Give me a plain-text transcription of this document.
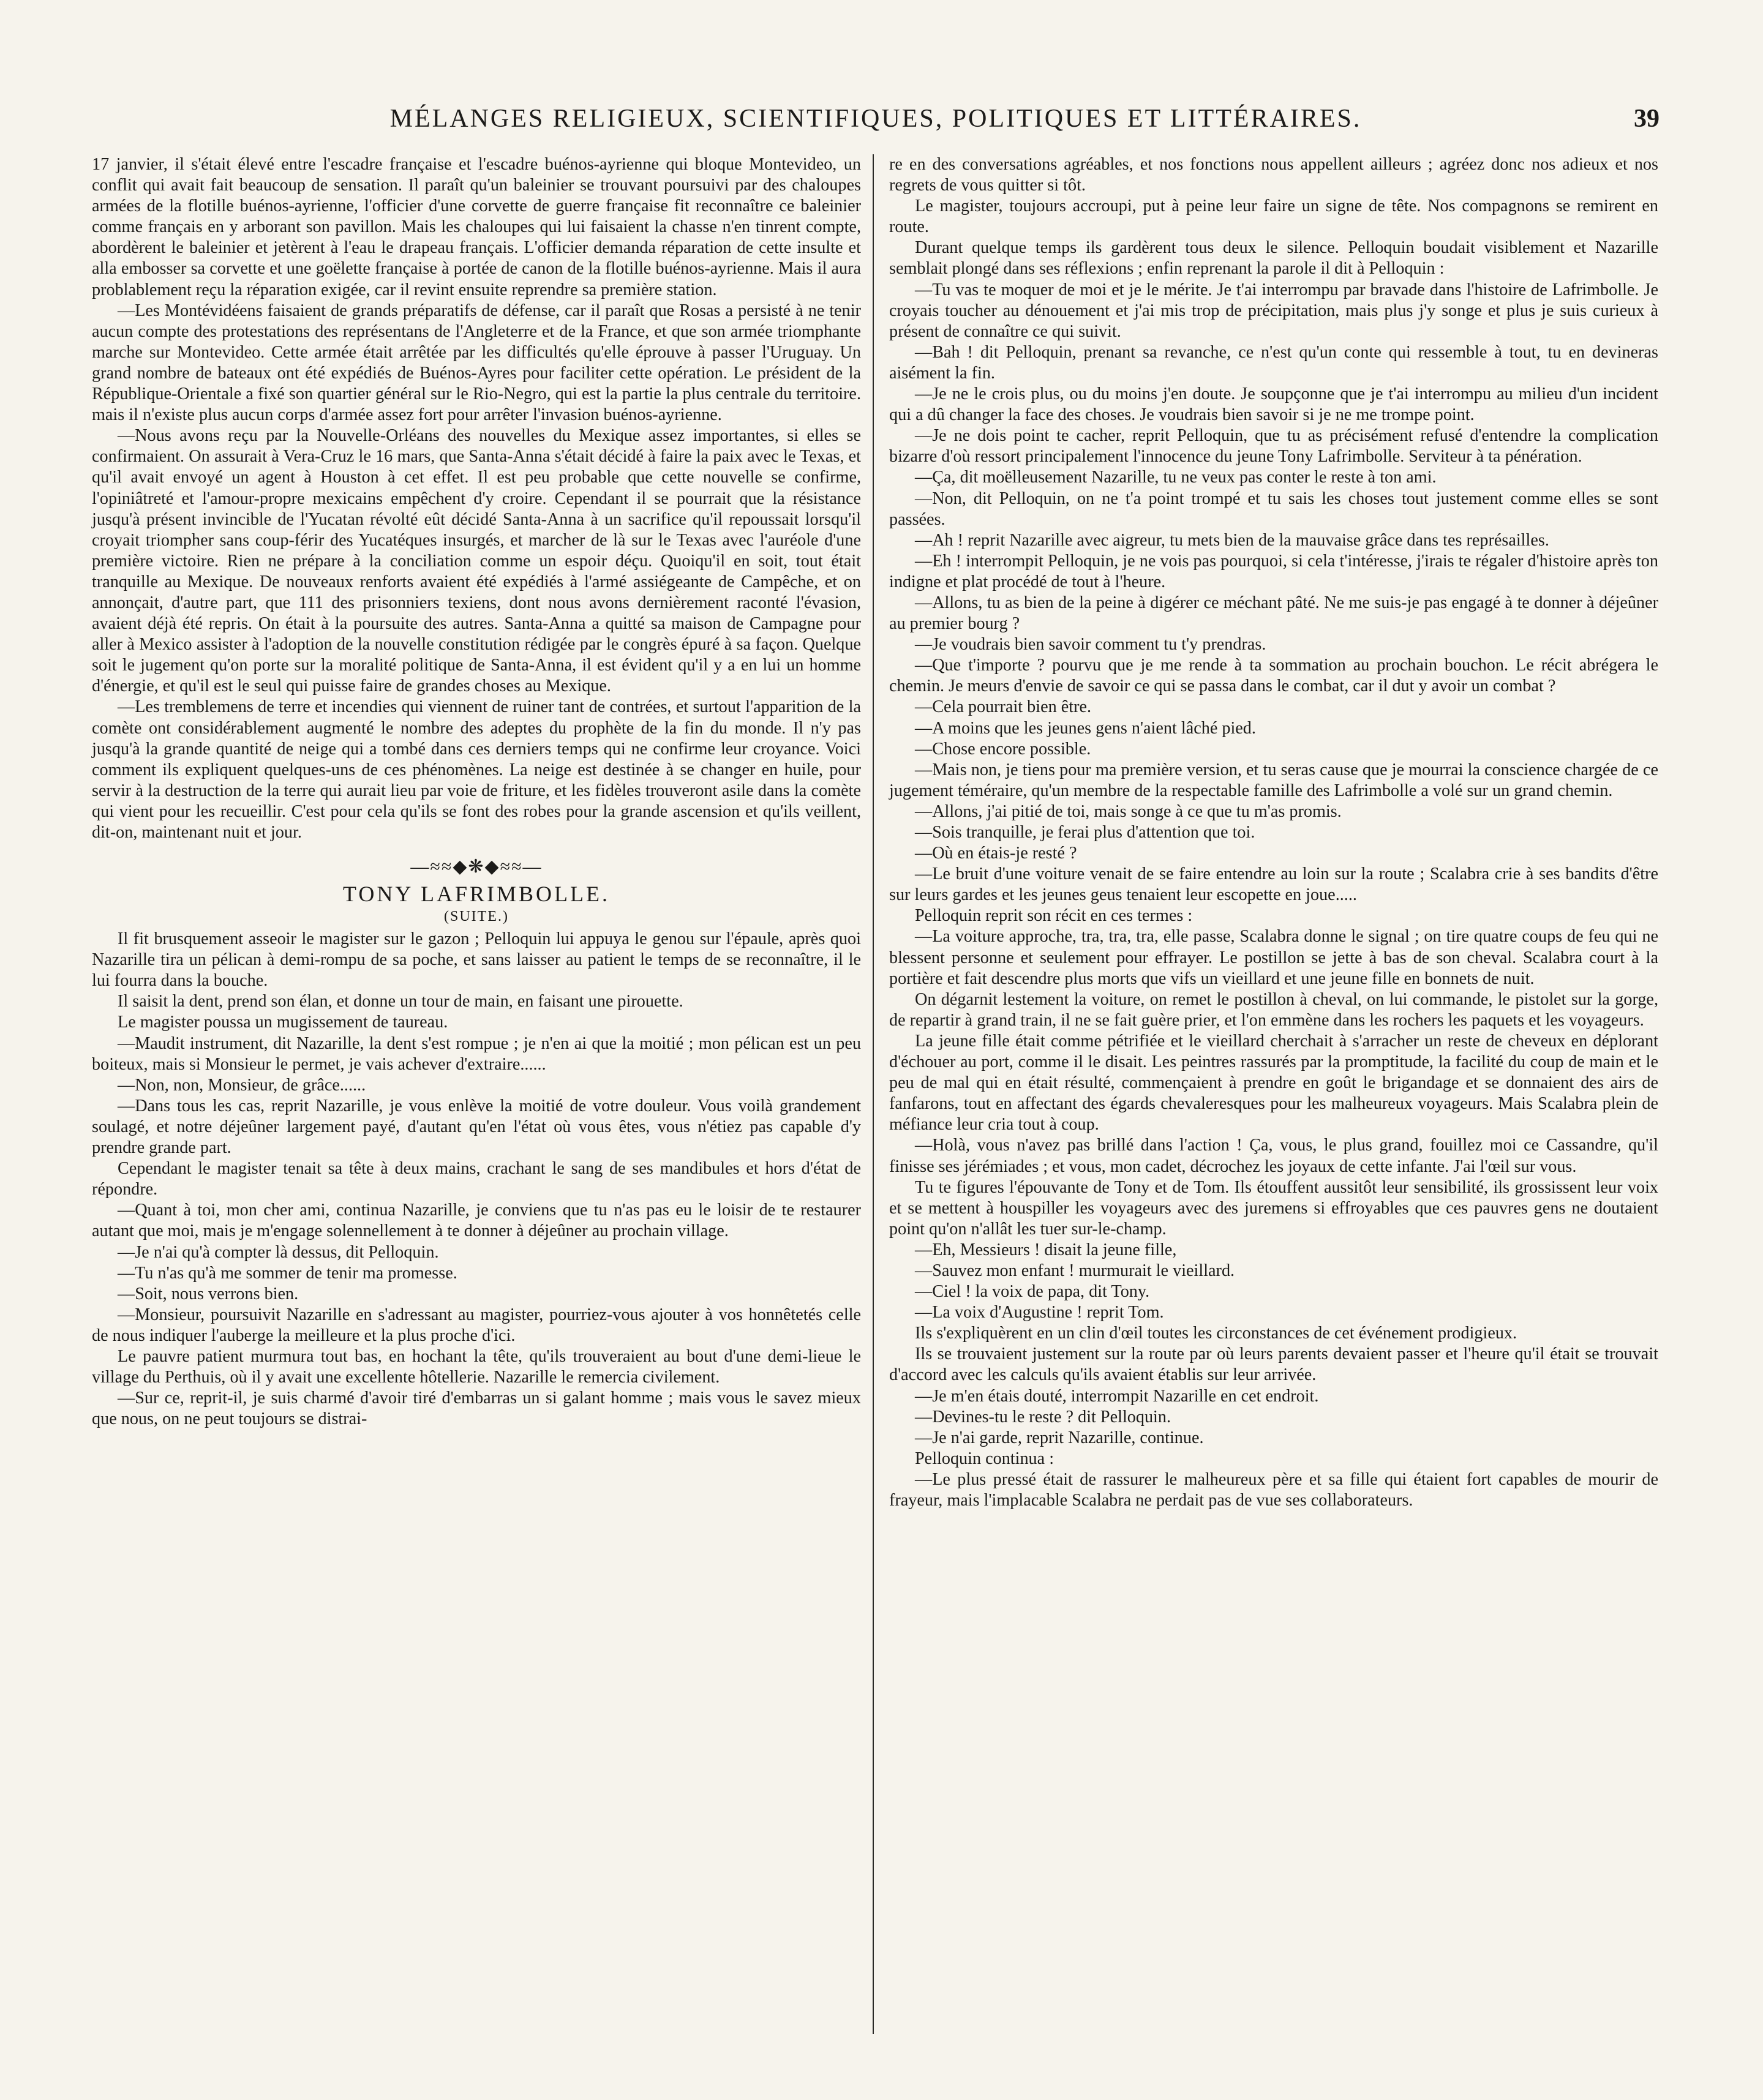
MÉLANGES RELIGIEUX, SCIENTIFIQUES, POLITIQUES ET LITTÉRAIRES.	39

17 janvier, il s'était élevé entre l'escadre française et l'escadre buénos-ayrienne qui bloque Montevideo, un conflit qui avait fait beaucoup de sensation. Il paraît qu'un baleinier se trouvant poursuivi par des chaloupes armées de la flotille buénos-ayrienne, l'officier d'une corvette de guerre française fit reconnaître ce baleinier comme français en y arborant son pavillon. Mais les chaloupes qui lui faisaient la chasse n'en tinrent compte, abordèrent le baleinier et jetèrent à l'eau le drapeau français. L'officier demanda réparation de cette insulte et alla embosser sa corvette et une goëlette française à portée de canon de la flotille buénos-ayrienne. Mais il aura problablement reçu la réparation exigée, car il revint ensuite reprendre sa première station.

—Les Montévidéens faisaient de grands préparatifs de défense, car il paraît que Rosas a persisté à ne tenir aucun compte des protestations des représentans de l'Angleterre et de la France, et que son armée triomphante marche sur Montevideo. Cette armée était arrêtée par les difficultés qu'elle éprouve à passer l'Uruguay. Un grand nombre de bateaux ont été expédiés de Buénos-Ayres pour faciliter cette opération. Le président de la République-Orientale a fixé son quartier général sur le Rio-Negro, qui est la partie la plus centrale du territoire. mais il n'existe plus aucun corps d'armée assez fort pour arrêter l'invasion buénos-ayrienne.

—Nous avons reçu par la Nouvelle-Orléans des nouvelles du Mexique assez importantes, si elles se confirmaient. On assurait à Vera-Cruz le 16 mars, que Santa-Anna s'était décidé à faire la paix avec le Texas, et qu'il avait envoyé un agent à Houston à cet effet. Il est peu probable que cette nouvelle se confirme, l'opiniâtreté et l'amour-propre mexicains empêchent d'y croire. Cependant il se pourrait que la résistance jusqu'à présent invincible de l'Yucatan révolté eût décidé Santa-Anna à un sacrifice qu'il repoussait lorsqu'il croyait triompher sans coup-férir des Yucatéques insurgés, et marcher de là sur le Texas avec l'auréole d'une première victoire. Rien ne prépare à la conciliation comme un espoir déçu. Quoiqu'il en soit, tout était tranquille au Mexique. De nouveaux renforts avaient été expédiés à l'armé assiégeante de Campêche, et on annonçait, d'autre part, que 111 des prisonniers texiens, dont nous avons dernièrement raconté l'évasion, avaient déjà été repris. On était à la poursuite des autres. Santa-Anna a quitté sa maison de Campagne pour aller à Mexico assister à l'adoption de la nouvelle constitution rédigée par le congrès épuré à sa façon. Quelque soit le jugement qu'on porte sur la moralité politique de Santa-Anna, il est évident qu'il y a en lui un homme d'énergie, et qu'il est le seul qui puisse faire de grandes choses au Mexique.

—Les tremblemens de terre et incendies qui viennent de ruiner tant de contrées, et surtout l'apparition de la comète ont considérablement augmenté le nombre des adeptes du prophète de la fin du monde. Il n'y pas jusqu'à la grande quantité de neige qui a tombé dans ces derniers temps qui ne confirme leur croyance. Voici comment ils expliquent quelques-uns de ces phénomènes. La neige est destinée à se changer en huile, pour servir à la destruction de la terre qui aurait lieu par voie de friture, et les fidèles trouveront asile dans la comète qui vient pour les recueillir. C'est pour cela qu'ils se font des robes pour la grande ascension et qu'ils veillent, dit-on, maintenant nuit et jour.

—≈≈◆❋◆≈≈—
TONY LAFRIMBOLLE.
(SUITE.)

Il fit brusquement asseoir le magister sur le gazon ; Pelloquin lui appuya le genou sur l'épaule, après quoi Nazarille tira un pélican à demi-rompu de sa poche, et sans laisser au patient le temps de se reconnaître, il le lui fourra dans la bouche.

Il saisit la dent, prend son élan, et donne un tour de main, en faisant une pirouette.

Le magister poussa un mugissement de taureau.

—Maudit instrument, dit Nazarille, la dent s'est rompue ; je n'en ai que la moitié ; mon pélican est un peu boiteux, mais si Monsieur le permet, je vais achever d'extraire......

—Non, non, Monsieur, de grâce......

—Dans tous les cas, reprit Nazarille, je vous enlève la moitié de votre douleur. Vous voilà grandement soulagé, et notre déjeûner largement payé, d'autant qu'en l'état où vous êtes, vous n'étiez pas capable d'y prendre grande part.

Cependant le magister tenait sa tête à deux mains, crachant le sang de ses mandibules et hors d'état de répondre.

—Quant à toi, mon cher ami, continua Nazarille, je conviens que tu n'as pas eu le loisir de te restaurer autant que moi, mais je m'engage solennellement à te donner à déjeûner au prochain village.

—Je n'ai qu'à compter là dessus, dit Pelloquin.

—Tu n'as qu'à me sommer de tenir ma promesse.

—Soit, nous verrons bien.

—Monsieur, poursuivit Nazarille en s'adressant au magister, pourriez-vous ajouter à vos honnêtetés celle de nous indiquer l'auberge la meilleure et la plus proche d'ici.

Le pauvre patient murmura tout bas, en hochant la tête, qu'ils trouveraient au bout d'une demi-lieue le village du Perthuis, où il y avait une excellente hôtellerie. Nazarille le remercia civilement.

—Sur ce, reprit-il, je suis charmé d'avoir tiré d'embarras un si galant homme ; mais vous le savez mieux que nous, on ne peut toujours se distrai-

re en des conversations agréables, et nos fonctions nous appellent ailleurs ; agréez donc nos adieux et nos regrets de vous quitter si tôt.

Le magister, toujours accroupi, put à peine leur faire un signe de tête. Nos compagnons se remirent en route.

Durant quelque temps ils gardèrent tous deux le silence. Pelloquin boudait visiblement et Nazarille semblait plongé dans ses réflexions ; enfin reprenant la parole il dit à Pelloquin :

—Tu vas te moquer de moi et je le mérite. Je t'ai interrompu par bravade dans l'histoire de Lafrimbolle. Je croyais toucher au dénouement et j'ai mis trop de précipitation, mais plus j'y songe et plus je suis curieux à présent de connaître ce qui suivit.

—Bah ! dit Pelloquin, prenant sa revanche, ce n'est qu'un conte qui ressemble à tout, tu en devineras aisément la fin.

—Je ne le crois plus, ou du moins j'en doute. Je soupçonne que je t'ai interrompu au milieu d'un incident qui a dû changer la face des choses. Je voudrais bien savoir si je ne me trompe point.

—Je ne dois point te cacher, reprit Pelloquin, que tu as précisément refusé d'entendre la complication bizarre d'où ressort principalement l'innocence du jeune Tony Lafrimbolle. Serviteur à ta pénération.

—Ça, dit moëlleusement Nazarille, tu ne veux pas conter le reste à ton ami.

—Non, dit Pelloquin, on ne t'a point trompé et tu sais les choses tout justement comme elles se sont passées.

—Ah ! reprit Nazarille avec aigreur, tu mets bien de la mauvaise grâce dans tes représailles.

—Eh ! interrompit Pelloquin, je ne vois pas pourquoi, si cela t'intéresse, j'irais te régaler d'histoire après ton indigne et plat procédé de tout à l'heure.

—Allons, tu as bien de la peine à digérer ce méchant pâté. Ne me suis-je pas engagé à te donner à déjeûner au premier bourg ?

—Je voudrais bien savoir comment tu t'y prendras.

—Que t'importe ? pourvu que je me rende à ta sommation au prochain bouchon. Le récit abrégera le chemin. Je meurs d'envie de savoir ce qui se passa dans le combat, car il dut y avoir un combat ?

—Cela pourrait bien être.

—A moins que les jeunes gens n'aient lâché pied.

—Chose encore possible.

—Mais non, je tiens pour ma première version, et tu seras cause que je mourrai la conscience chargée de ce jugement téméraire, qu'un membre de la respectable famille des Lafrimbolle a volé sur un grand chemin.

—Allons, j'ai pitié de toi, mais songe à ce que tu m'as promis.

—Sois tranquille, je ferai plus d'attention que toi.

—Où en étais-je resté ?

—Le bruit d'une voiture venait de se faire entendre au loin sur la route ; Scalabra crie à ses bandits d'être sur leurs gardes et les jeunes geus tenaient leur escopette en joue.....

Pelloquin reprit son récit en ces termes :

—La voiture approche, tra, tra, tra, elle passe, Scalabra donne le signal ; on tire quatre coups de feu qui ne blessent personne et seulement pour effrayer. Le postillon se jette à bas de son cheval. Scalabra court à la portière et fait descendre plus morts que vifs un vieillard et une jeune fille en bonnets de nuit.

On dégarnit lestement la voiture, on remet le postillon à cheval, on lui commande, le pistolet sur la gorge, de repartir à grand train, il ne se fait guère prier, et l'on emmène dans les rochers les paquets et les voyageurs.

La jeune fille était comme pétrifiée et le vieillard cherchait à s'arracher un reste de cheveux en déplorant d'échouer au port, comme il le disait. Les peintres rassurés par la promptitude, la facilité du coup de main et le peu de mal qui en était résulté, commençaient à prendre en goût le brigandage et se donnaient des airs de fanfarons, tout en affectant des égards chevaleresques pour les malheureux voyageurs. Mais Scalabra plein de méfiance leur cria tout à coup.

—Holà, vous n'avez pas brillé dans l'action ! Ça, vous, le plus grand, fouillez moi ce Cassandre, qu'il finisse ses jérémiades ; et vous, mon cadet, décrochez les joyaux de cette infante. J'ai l'œil sur vous.

Tu te figures l'épouvante de Tony et de Tom. Ils étouffent aussitôt leur sensibilité, ils grossissent leur voix et se mettent à houspiller les voyageurs avec des juremens si effroyables que ces pauvres gens ne doutaient point qu'on n'allât les tuer sur-le-champ.

—Eh, Messieurs ! disait la jeune fille,

—Sauvez mon enfant ! murmurait le vieillard.

—Ciel ! la voix de papa, dit Tony.

—La voix d'Augustine ! reprit Tom.

Ils s'expliquèrent en un clin d'œil toutes les circonstances de cet événement prodigieux.

Ils se trouvaient justement sur la route par où leurs parents devaient passer et l'heure qu'il était se trouvait d'accord avec les calculs qu'ils avaient établis sur leur arrivée.

—Je m'en étais douté, interrompit Nazarille en cet endroit.

—Devines-tu le reste ? dit Pelloquin.

—Je n'ai garde, reprit Nazarille, continue.

Pelloquin continua :

—Le plus pressé était de rassurer le malheureux père et sa fille qui étaient fort capables de mourir de frayeur, mais l'implacable Scalabra ne perdait pas de vue ses collaborateurs.
